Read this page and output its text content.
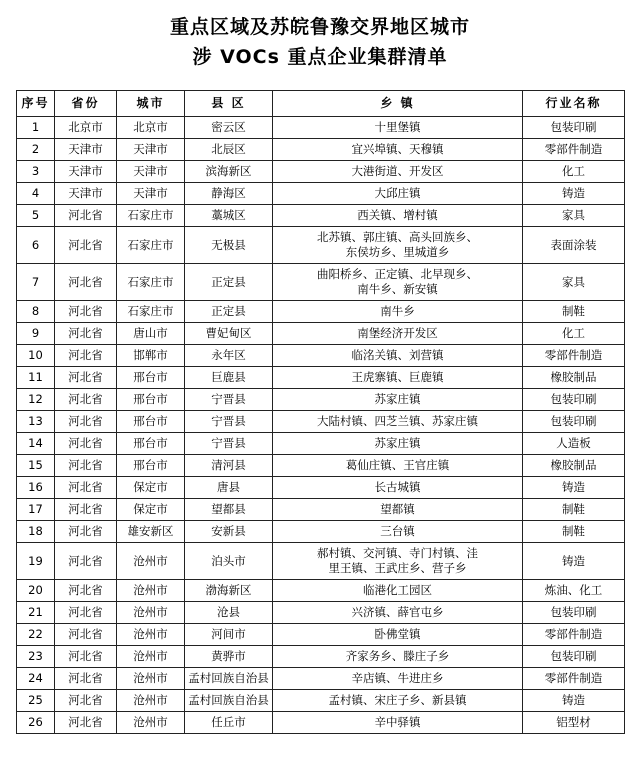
重点区域及苏皖鲁豫交界地区城市
涉 VOCs 重点企业集群清单
序号	省份	城市	县 区	乡 镇	行业名称
1	北京市	北京市	密云区	十里堡镇	包装印刷
2	天津市	天津市	北辰区	宜兴埠镇、天穆镇	零部件制造
3	天津市	天津市	滨海新区	大港街道、开发区	化工
4	天津市	天津市	静海区	大邱庄镇	铸造
5	河北省	石家庄市	藁城区	西关镇、增村镇	家具
6	河北省	石家庄市	无极县	北苏镇、郭庄镇、高头回族乡、
东侯坊乡、里城道乡	表面涂装
7	河北省	石家庄市	正定县	曲阳桥乡、正定镇、北早现乡、
南牛乡、新安镇	家具
8	河北省	石家庄市	正定县	南牛乡	制鞋
9	河北省	唐山市	曹妃甸区	南堡经济开发区	化工
10	河北省	邯郸市	永年区	临洺关镇、刘营镇	零部件制造
11	河北省	邢台市	巨鹿县	王虎寨镇、巨鹿镇	橡胶制品
12	河北省	邢台市	宁晋县	苏家庄镇	包装印刷
13	河北省	邢台市	宁晋县	大陆村镇、四芝兰镇、苏家庄镇	包装印刷
14	河北省	邢台市	宁晋县	苏家庄镇	人造板
15	河北省	邢台市	清河县	葛仙庄镇、王官庄镇	橡胶制品
16	河北省	保定市	唐县	长古城镇	铸造
17	河北省	保定市	望都县	望都镇	制鞋
18	河北省	雄安新区	安新县	三台镇	制鞋
19	河北省	沧州市	泊头市	郝村镇、交河镇、寺门村镇、洼
里王镇、王武庄乡、营子乡	铸造
20	河北省	沧州市	渤海新区	临港化工园区	炼油、化工
21	河北省	沧州市	沧县	兴济镇、薛官屯乡	包装印刷
22	河北省	沧州市	河间市	卧佛堂镇	零部件制造
23	河北省	沧州市	黄骅市	齐家务乡、滕庄子乡	包装印刷
24	河北省	沧州市	孟村回族自治县	辛店镇、牛进庄乡	零部件制造
25	河北省	沧州市	孟村回族自治县	孟村镇、宋庄子乡、新县镇	铸造
26	河北省	沧州市	任丘市	辛中驿镇	铝型材
